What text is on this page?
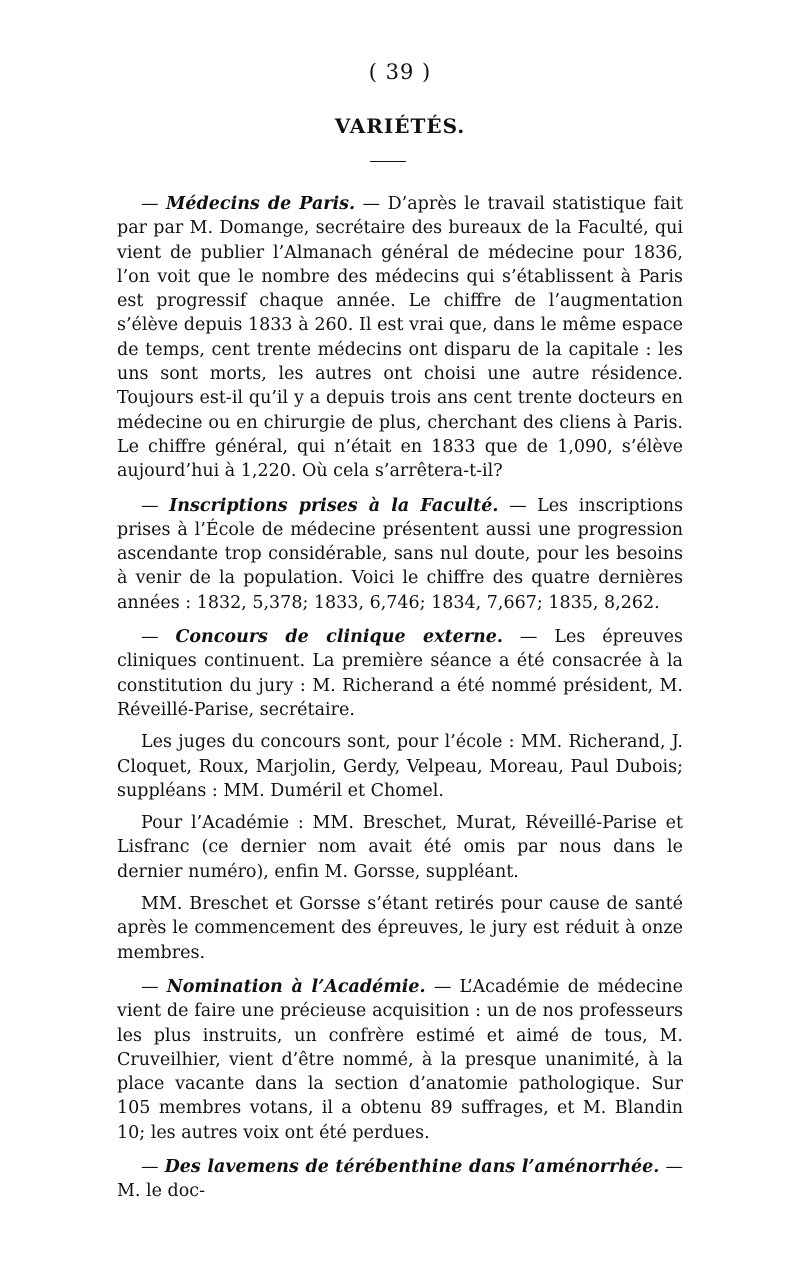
( 39 )
VARIÉTÉS.

— Médecins de Paris. — D’après le travail statistique fait par par M. Domange, secrétaire des bureaux de la Faculté, qui vient de publier l’Almanach général de médecine pour 1836, l’on voit que le nombre des médecins qui s’établissent à Paris est progressif chaque année. Le chiffre de l’augmentation s’élève depuis 1833 à 260. Il est vrai que, dans le même espace de temps, cent trente médecins ont disparu de la capitale : les uns sont morts, les autres ont choisi une autre résidence. Toujours est-il qu’il y a depuis trois ans cent trente docteurs en médecine ou en chirurgie de plus, cherchant des cliens à Paris. Le chiffre général, qui n’était en 1833 que de 1,090, s’élève aujourd’hui à 1,220. Où cela s’arrêtera-t-il?

— Inscriptions prises à la Faculté. — Les inscriptions prises à l’École de médecine présentent aussi une progression ascendante trop considérable, sans nul doute, pour les besoins à venir de la population. Voici le chiffre des quatre dernières années : 1832, 5,378; 1833, 6,746; 1834, 7,667; 1835, 8,262.

— Concours de clinique externe. — Les épreuves cliniques continuent. La première séance a été consacrée à la constitution du jury : M. Richerand a été nommé président, M. Réveillé-Parise, secrétaire.

Les juges du concours sont, pour l’école : MM. Richerand, J. Cloquet, Roux, Marjolin, Gerdy, Velpeau, Moreau, Paul Dubois; suppléans : MM. Duméril et Chomel.

Pour l’Académie : MM. Breschet, Murat, Réveillé-Parise et Lisfranc (ce dernier nom avait été omis par nous dans le dernier numéro), enfin M. Gorsse, suppléant.

MM. Breschet et Gorsse s’étant retirés pour cause de santé après le commencement des épreuves, le jury est réduit à onze membres.

— Nomination à l’Académie. — L’Académie de médecine vient de faire une précieuse acquisition : un de nos professeurs les plus instruits, un confrère estimé et aimé de tous, M. Cruveilhier, vient d’être nommé, à la presque unanimité, à la place vacante dans la section d’anatomie pathologique. Sur 105 membres votans, il a obtenu 89 suffrages, et M. Blandin 10; les autres voix ont été perdues.

— Des lavemens de térébenthine dans l’aménorrhée. — M. le doc-
